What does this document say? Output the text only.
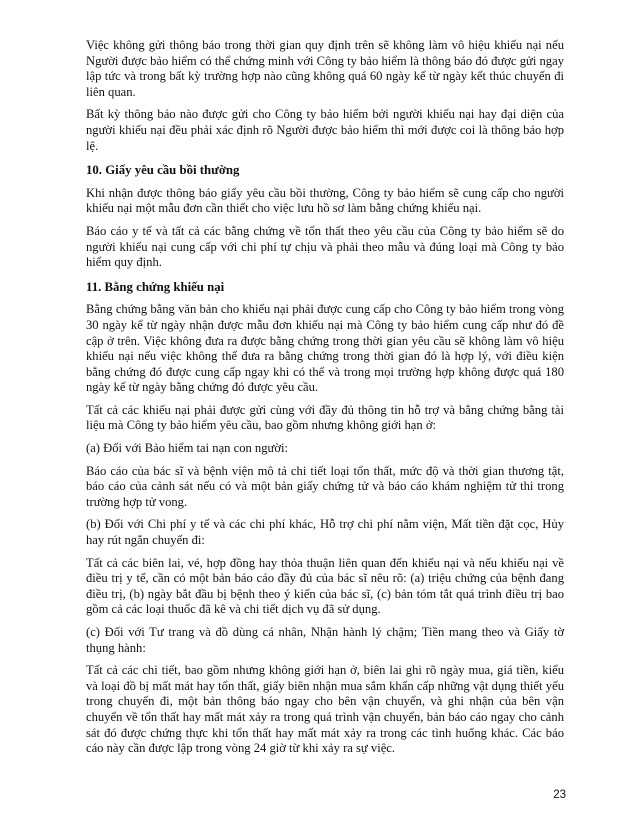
Việc không gửi thông báo trong thời gian quy định trên sẽ không làm vô hiệu khiếu nại nếu Người được bảo hiểm có thể chứng minh với Công ty bảo hiểm là thông báo đó được gửi ngay lập tức và trong bất kỳ trường hợp nào cũng không quá 60 ngày kể từ ngày kết thúc chuyến đi liên quan.

Bất kỳ thông báo nào được gửi cho Công ty bảo hiểm bởi người khiếu nại hay đại diện của người khiếu nại đều phải xác định rõ Người được bảo hiểm thì mới được coi là thông báo hợp lệ.

10. Giấy yêu cầu bồi thường

Khi nhận được thông báo giấy yêu cầu bồi thường, Công ty bảo hiểm sẽ cung cấp cho người khiếu nại một mẫu đơn cần thiết cho việc lưu hồ sơ làm bằng chứng khiếu nại.

Báo cáo y tế và tất cả các bằng chứng về tổn thất theo yêu cầu của Công ty bảo hiểm sẽ do người khiếu nại cung cấp với chi phí tự chịu và phải theo mẫu và đúng loại mà Công ty bảo hiểm quy định.

11. Bằng chứng khiếu nại

Bằng chứng bằng văn bản cho khiếu nại phải được cung cấp cho Công ty bảo hiểm trong vòng 30 ngày kể từ ngày nhận được mẫu đơn khiếu nại mà Công ty bảo hiểm cung cấp như đó đề cập ở trên. Việc không đưa ra được bằng chứng trong thời gian yêu cầu sẽ không làm vô hiệu khiếu nại nếu việc không thể đưa ra bằng chứng trong thời gian đó là hợp lý, với điều kiện bằng chứng đó được cung cấp ngay khi có thể và trong mọi trường hợp không được quá 180 ngày kể từ ngày bằng chứng đó được yêu cầu.

Tất cả các khiếu nại phải được gửi cùng với đầy đủ thông tin hỗ trợ và bằng chứng bằng tài liệu mà Công ty bảo hiểm yêu cầu, bao gồm nhưng không giới hạn ở:

(a) Đối với Bảo hiểm tai nạn con người:

Báo cáo của bác sĩ và bệnh viện mô tả chi tiết loại tổn thất, mức độ và thời gian thương tật, báo cáo của cảnh sát nếu có và một bản giấy chứng tử và báo cáo khám nghiệm tử thi trong trường hợp tử vong.

(b) Đối với Chi phí y tế và các chi phí khác, Hỗ trợ chi phí nằm viện, Mất tiền đặt cọc, Hủy hay rút ngắn chuyến đi:

Tất cả các biên lai, vé, hợp đồng hay thỏa thuận liên quan đến khiếu nại và nếu khiếu nại về điều trị y tế, cần có một bản báo cáo đầy đủ của bác sĩ nêu rõ: (a) triệu chứng của bệnh đang điều trị, (b) ngày bắt đầu bị bệnh theo ý kiến của bác sĩ, (c) bản tóm tắt quá trình điều trị bao gồm cả các loại thuốc đã kê và chi tiết dịch vụ đã sử dụng.

(c) Đối với Tư trang và đồ dùng cá nhân, Nhận hành lý chậm; Tiền mang theo và Giấy tờ thụng hành:

Tất cả các chi tiết, bao gồm nhưng không giới hạn ở, biên lai ghi rõ ngày mua, giá tiền, kiểu và loại đồ bị mất mát hay tổn thất, giấy biên nhận mua sắm khẩn cấp những vật dụng thiết yếu trong chuyến đi, một bản thông báo ngay cho bên vận chuyển, và ghi nhận của bên vận chuyển về tổn thất hay mất mát xảy ra trong quá trình vận chuyển, bản báo cáo ngay cho cảnh sát đó được chứng thực khi tổn thất hay mất mát xảy ra trong các tình huống khác. Các báo cáo này cần được lập trong vòng 24 giờ từ khi xảy ra sự việc.

23
